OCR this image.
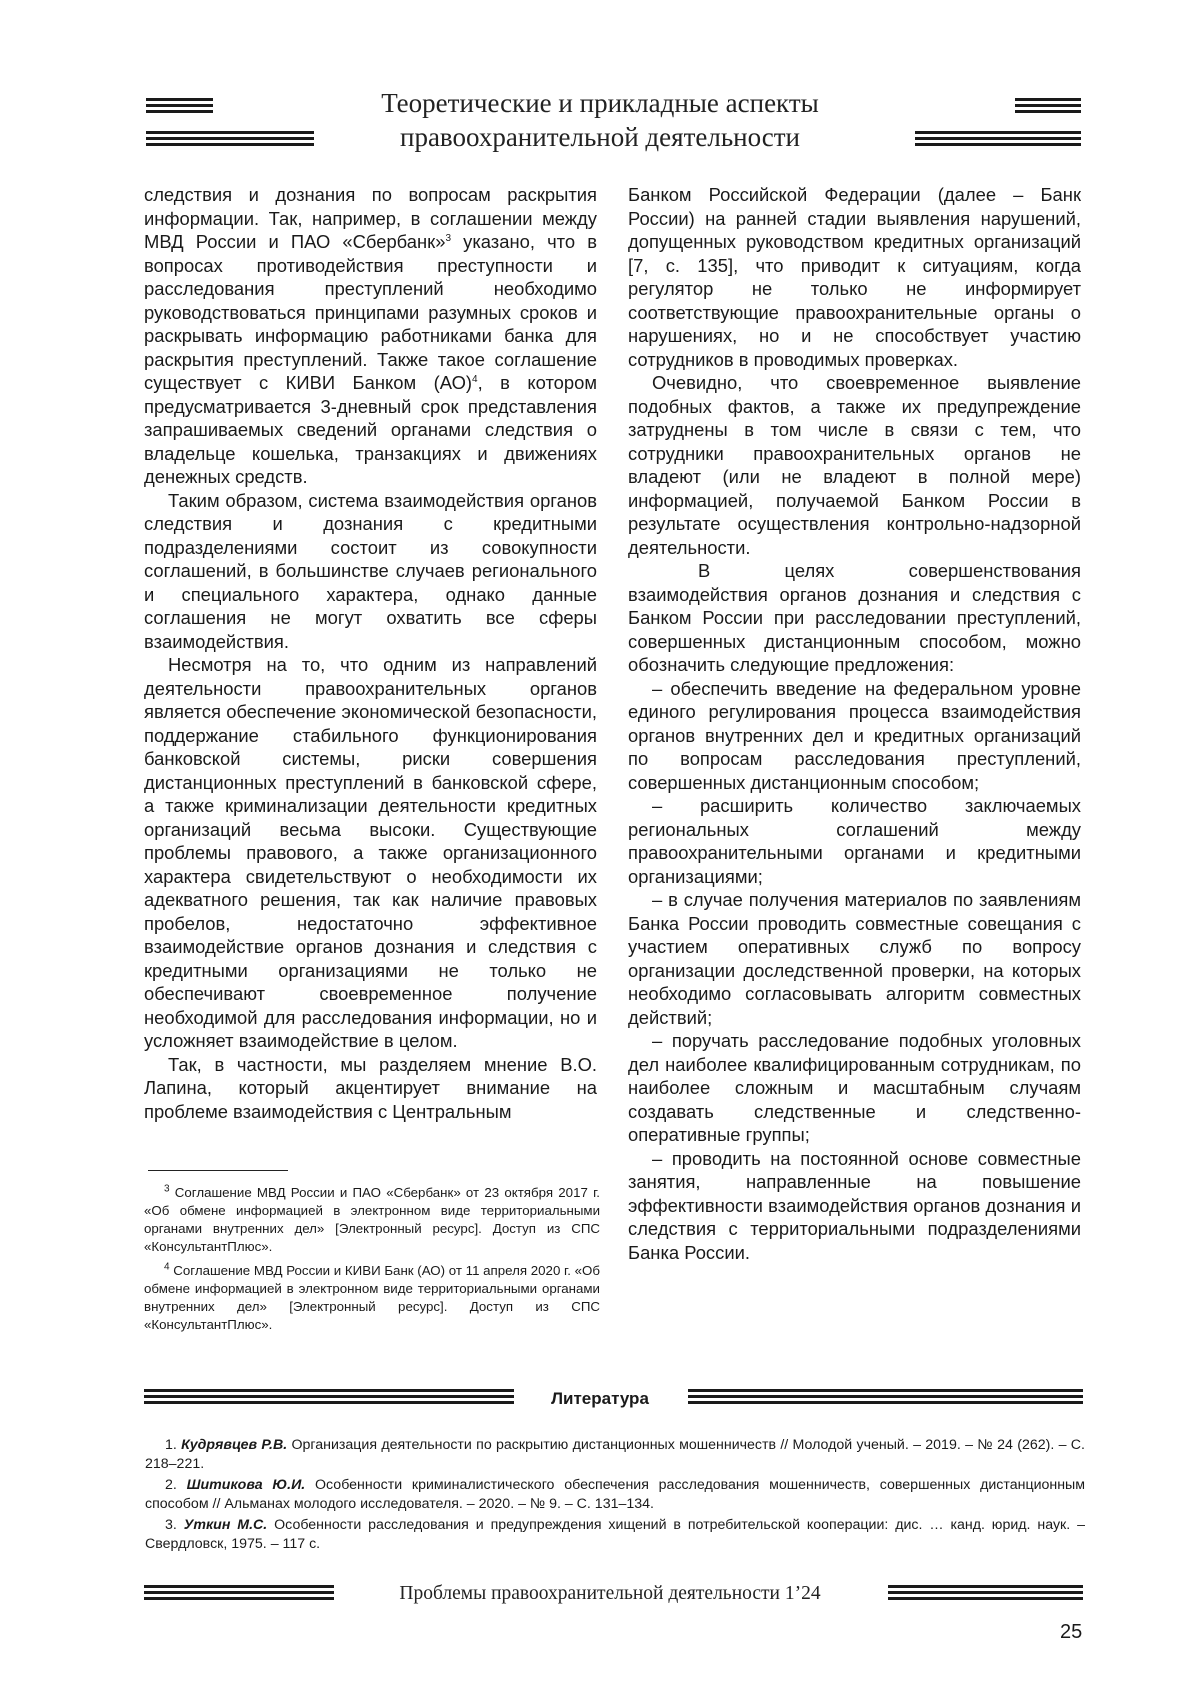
Теоретические и прикладные аспекты
правоохранительной деятельности

следствия и дознания по вопросам раскрытия информации. Так, например, в соглашении между МВД России и ПАО «Сбербанк»$^3$ указано, что в вопросах противодействия преступности и расследования преступлений необходимо руководствоваться принципами разумных сроков и раскрывать информацию работниками банка для раскрытия преступлений. Также такое соглашение существует с КИВИ Банком (АО)$^4$, в котором предусматривается 3-дневный срок представления запрашиваемых сведений органами следствия о владельце кошелька, транзакциях и движениях денежных средств.

Таким образом, система взаимодействия органов следствия и дознания с кредитными подразделениями состоит из совокупности соглашений, в большинстве случаев регионального и специального характера, однако данные соглашения не могут охватить все сферы взаимодействия.

Несмотря на то, что одним из направлений деятельности правоохранительных органов является обеспечение экономической безопасности, поддержание стабильного функционирования банковской системы, риски совершения дистанционных преступлений в банковской сфере, а также криминализации деятельности кредитных организаций весьма высоки. Существующие проблемы правового, а также организационного характера свидетельствуют о необходимости их адекватного решения, так как наличие правовых пробелов, недостаточно эффективное взаимодействие органов дознания и следствия с кредитными организациями не только не обеспечивают своевременное получение необходимой для расследования информации, но и усложняет взаимодействие в целом.

Так, в частности, мы разделяем мнение В.О. Лапина, который акцентирует внимание на проблеме взаимодействия с Центральным

Банком Российской Федерации (далее – Банк России) на ранней стадии выявления нарушений, допущенных руководством кредитных организаций [7, с. 135], что приводит к ситуациям, когда регулятор не только не информирует соответствующие правоохранительные органы о нарушениях, но и не способствует участию сотрудников в проводимых проверках.

Очевидно, что своевременное выявление подобных фактов, а также их предупреждение затруднены в том числе в связи с тем, что сотрудники правоохранительных органов не владеют (или не владеют в полной мере) информацией, получаемой Банком России в результате осуществления контрольно-надзорной деятельности.

В целях совершенствования взаимодействия органов дознания и следствия с Банком России при расследовании преступлений, совершенных дистанционным способом, можно обозначить следующие предложения:

– обеспечить введение на федеральном уровне единого регулирования процесса взаимодействия органов внутренних дел и кредитных организаций по вопросам расследования преступлений, совершенных дистанционным способом;

– расширить количество заключаемых региональных соглашений между правоохранительными органами и кредитными организациями;

– в случае получения материалов по заявлениям Банка России проводить совместные совещания с участием оперативных служб по вопросу организации доследственной проверки, на которых необходимо согласовывать алгоритм совместных действий;

– поручать расследование подобных уголовных дел наиболее квалифицированным сотрудникам, по наиболее сложным и масштабным случаям создавать следственные и следственно-оперативные группы;

– проводить на постоянной основе совместные занятия, направленные на повышение эффективности взаимодействия органов дознания и следствия с территориальными подразделениями Банка России.

$^3$ Соглашение МВД России и ПАО «Сбербанк» от 23 октября 2017 г. «Об обмене информацией в электронном виде территориальными органами внутренних дел» [Электронный ресурс]. Доступ из СПС «КонсультантПлюс».

$^4$ Соглашение МВД России и КИВИ Банк (АО) от 11 апреля 2020 г. «Об обмене информацией в электронном виде территориальными органами внутренних дел» [Электронный ресурс]. Доступ из СПС «КонсультантПлюс».

Литература

1. Кудрявцев Р.В. Организация деятельности по раскрытию дистанционных мошенничеств // Молодой ученый. – 2019. – № 24 (262). – С. 218–221.

2. Шитикова Ю.И. Особенности криминалистического обеспечения расследования мошенничеств, совершенных дистанционным способом // Альманах молодого исследователя. – 2020. – № 9. – С. 131–134.

3. Уткин М.С. Особенности расследования и предупреждения хищений в потребительской кооперации: дис. … канд. юрид. наук. – Свердловск, 1975. – 117 с.

Проблемы правоохранительной деятельности 1’24
25
